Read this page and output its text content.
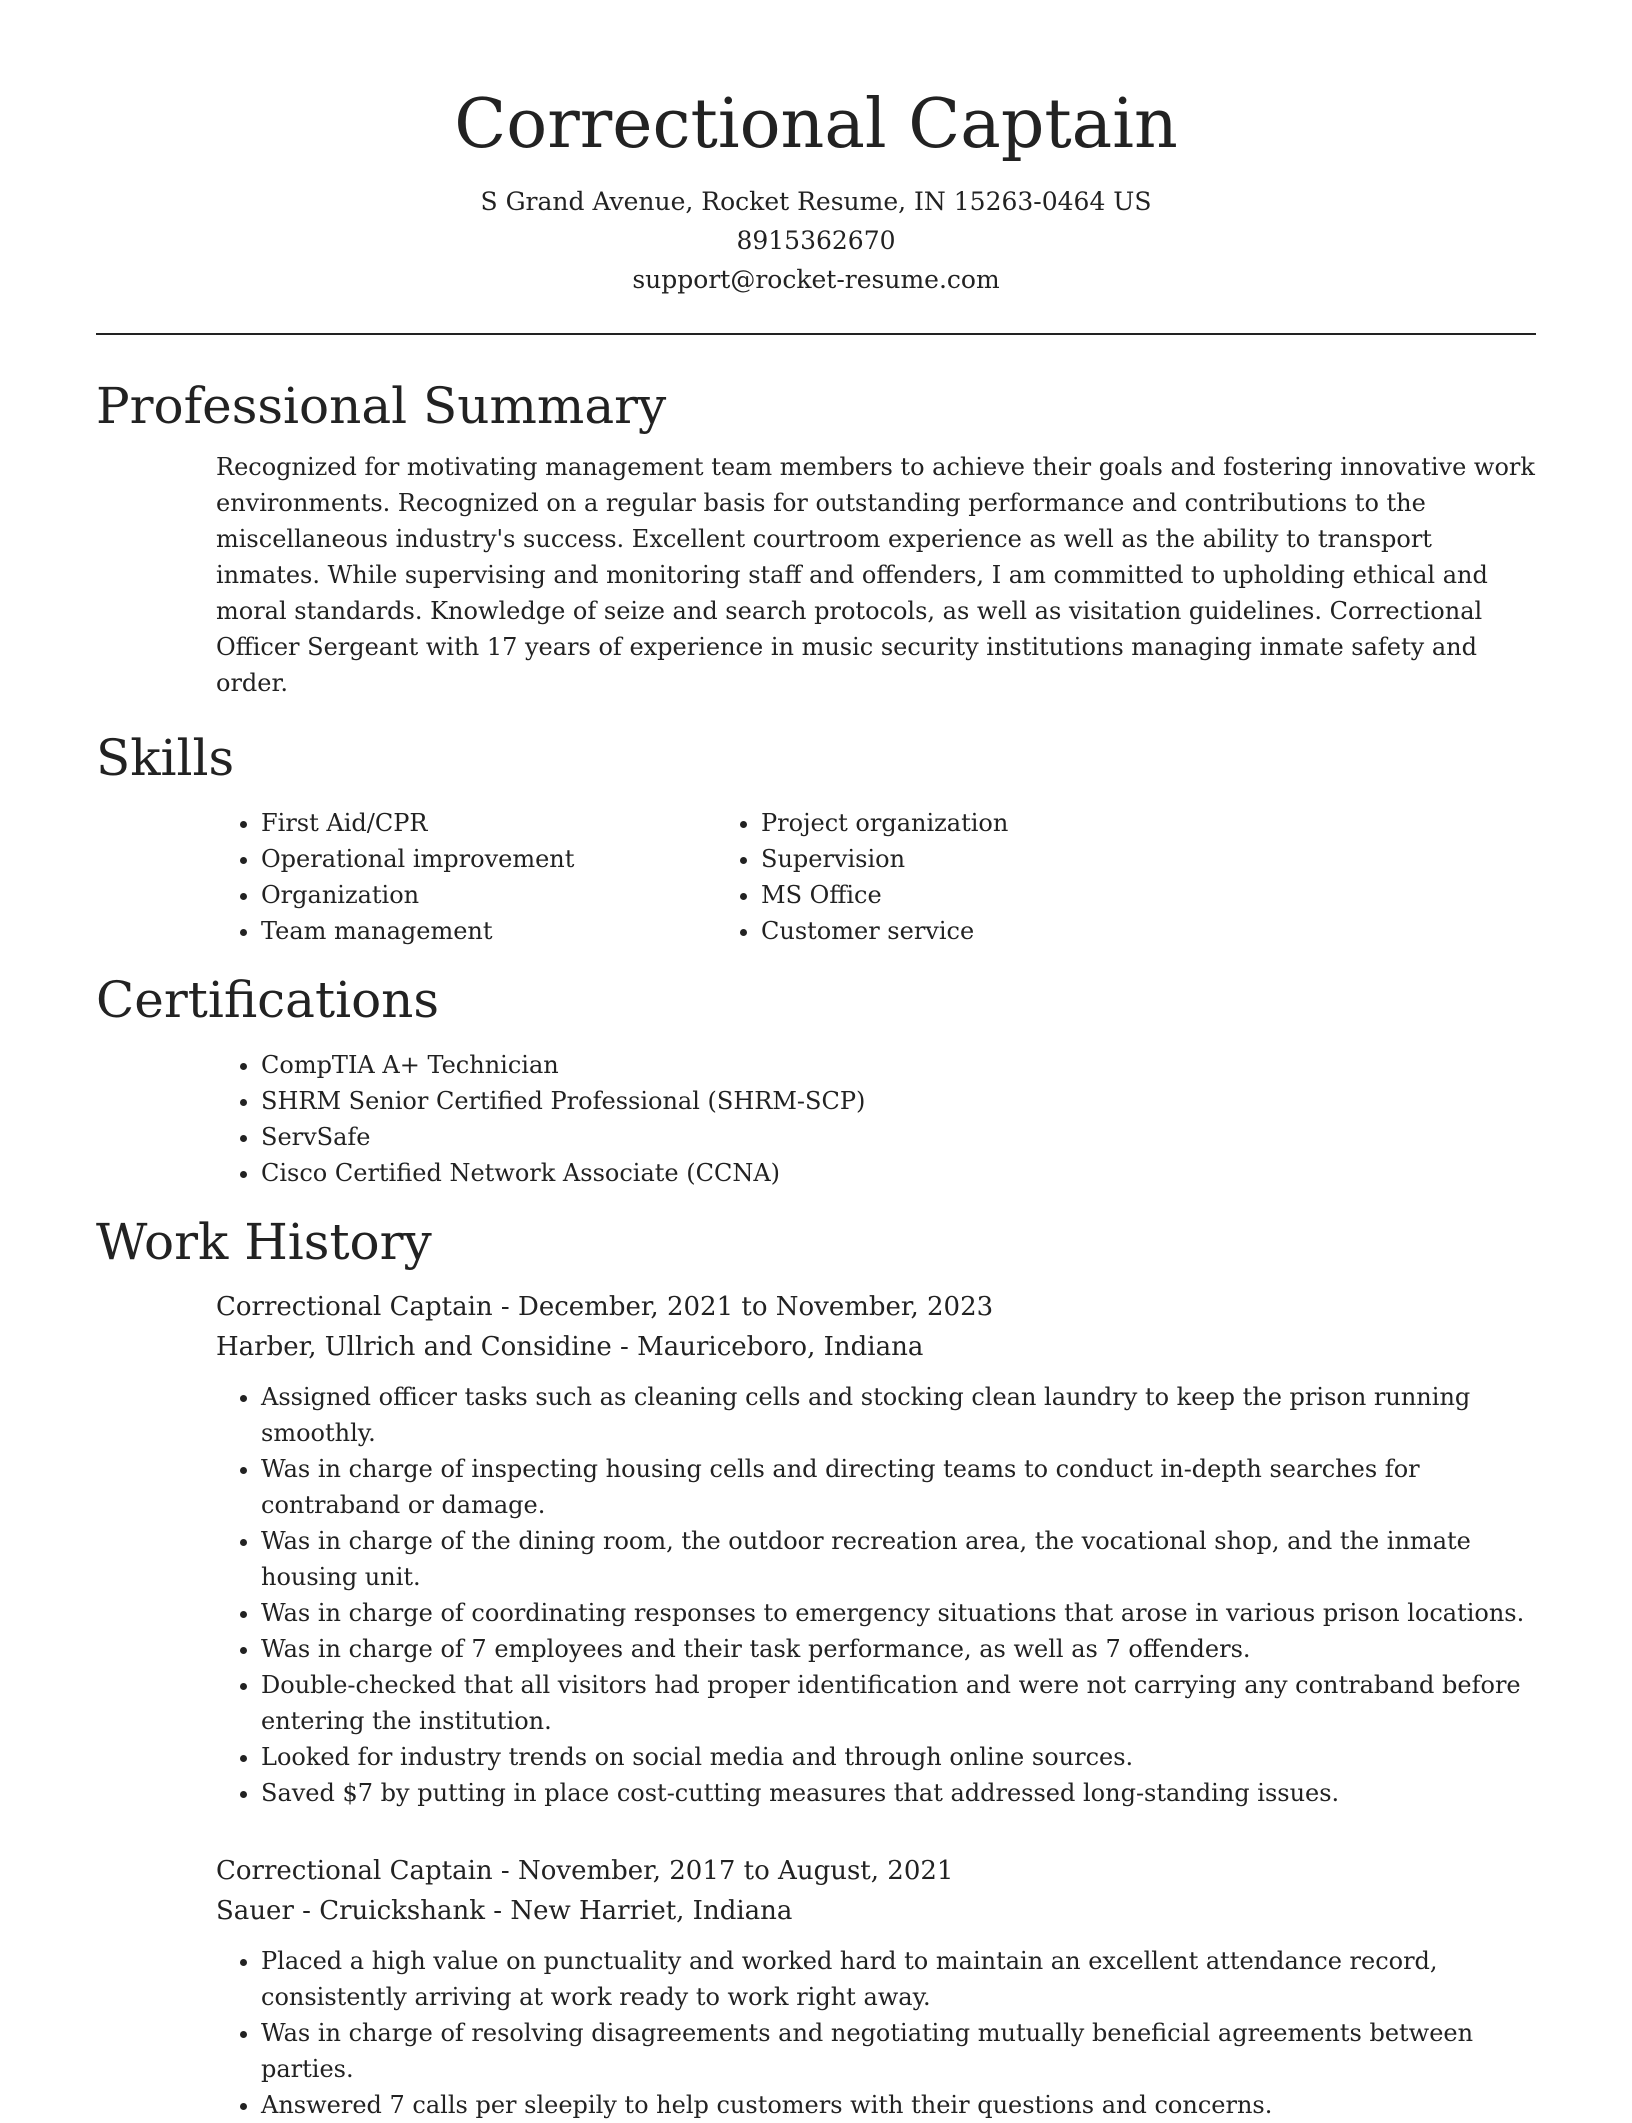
Correctional Captain

S Grand Avenue, Rocket Resume, IN 15263-0464 US

8915362670

support@rocket-resume.com

Professional Summary

Recognized for motivating management team members to achieve their goals and fostering innovative work environments. Recognized on a regular basis for outstanding performance and contributions to the miscellaneous industry's success. Excellent courtroom experience as well as the ability to transport inmates. While supervising and monitoring staff and offenders, I am committed to upholding ethical and moral standards. Knowledge of seize and search protocols, as well as visitation guidelines. Correctional Officer Sergeant with 17 years of experience in music security institutions managing inmate safety and order.

Skills
• First Aid/CPR
• Operational improvement
• Organization
• Team management
• Project organization
• Supervision
• MS Office
• Customer service
Certifications
• CompTIA A+ Technician
• SHRM Senior Certified Professional (SHRM-SCP)
• ServSafe
• Cisco Certified Network Associate (CCNA)
Work History

Correctional Captain - December, 2021 to November, 2023

Harber, Ullrich and Considine - Mauriceboro, Indiana

• Assigned officer tasks such as cleaning cells and stocking clean laundry to keep the prison running smoothly.
• Was in charge of inspecting housing cells and directing teams to conduct in-depth searches for contraband or damage.
• Was in charge of the dining room, the outdoor recreation area, the vocational shop, and the inmate housing unit.
• Was in charge of coordinating responses to emergency situations that arose in various prison locations.
• Was in charge of 7 employees and their task performance, as well as 7 offenders.
• Double-checked that all visitors had proper identification and were not carrying any contraband before entering the institution.
• Looked for industry trends on social media and through online sources.
• Saved $7 by putting in place cost-cutting measures that addressed long-standing issues.

Correctional Captain - November, 2017 to August, 2021

Sauer - Cruickshank - New Harriet, Indiana

• Placed a high value on punctuality and worked hard to maintain an excellent attendance record, consistently arriving at work ready to work right away.
• Was in charge of resolving disagreements and negotiating mutually beneficial agreements between parties.
• Answered 7 calls per sleepily to help customers with their questions and concerns.
